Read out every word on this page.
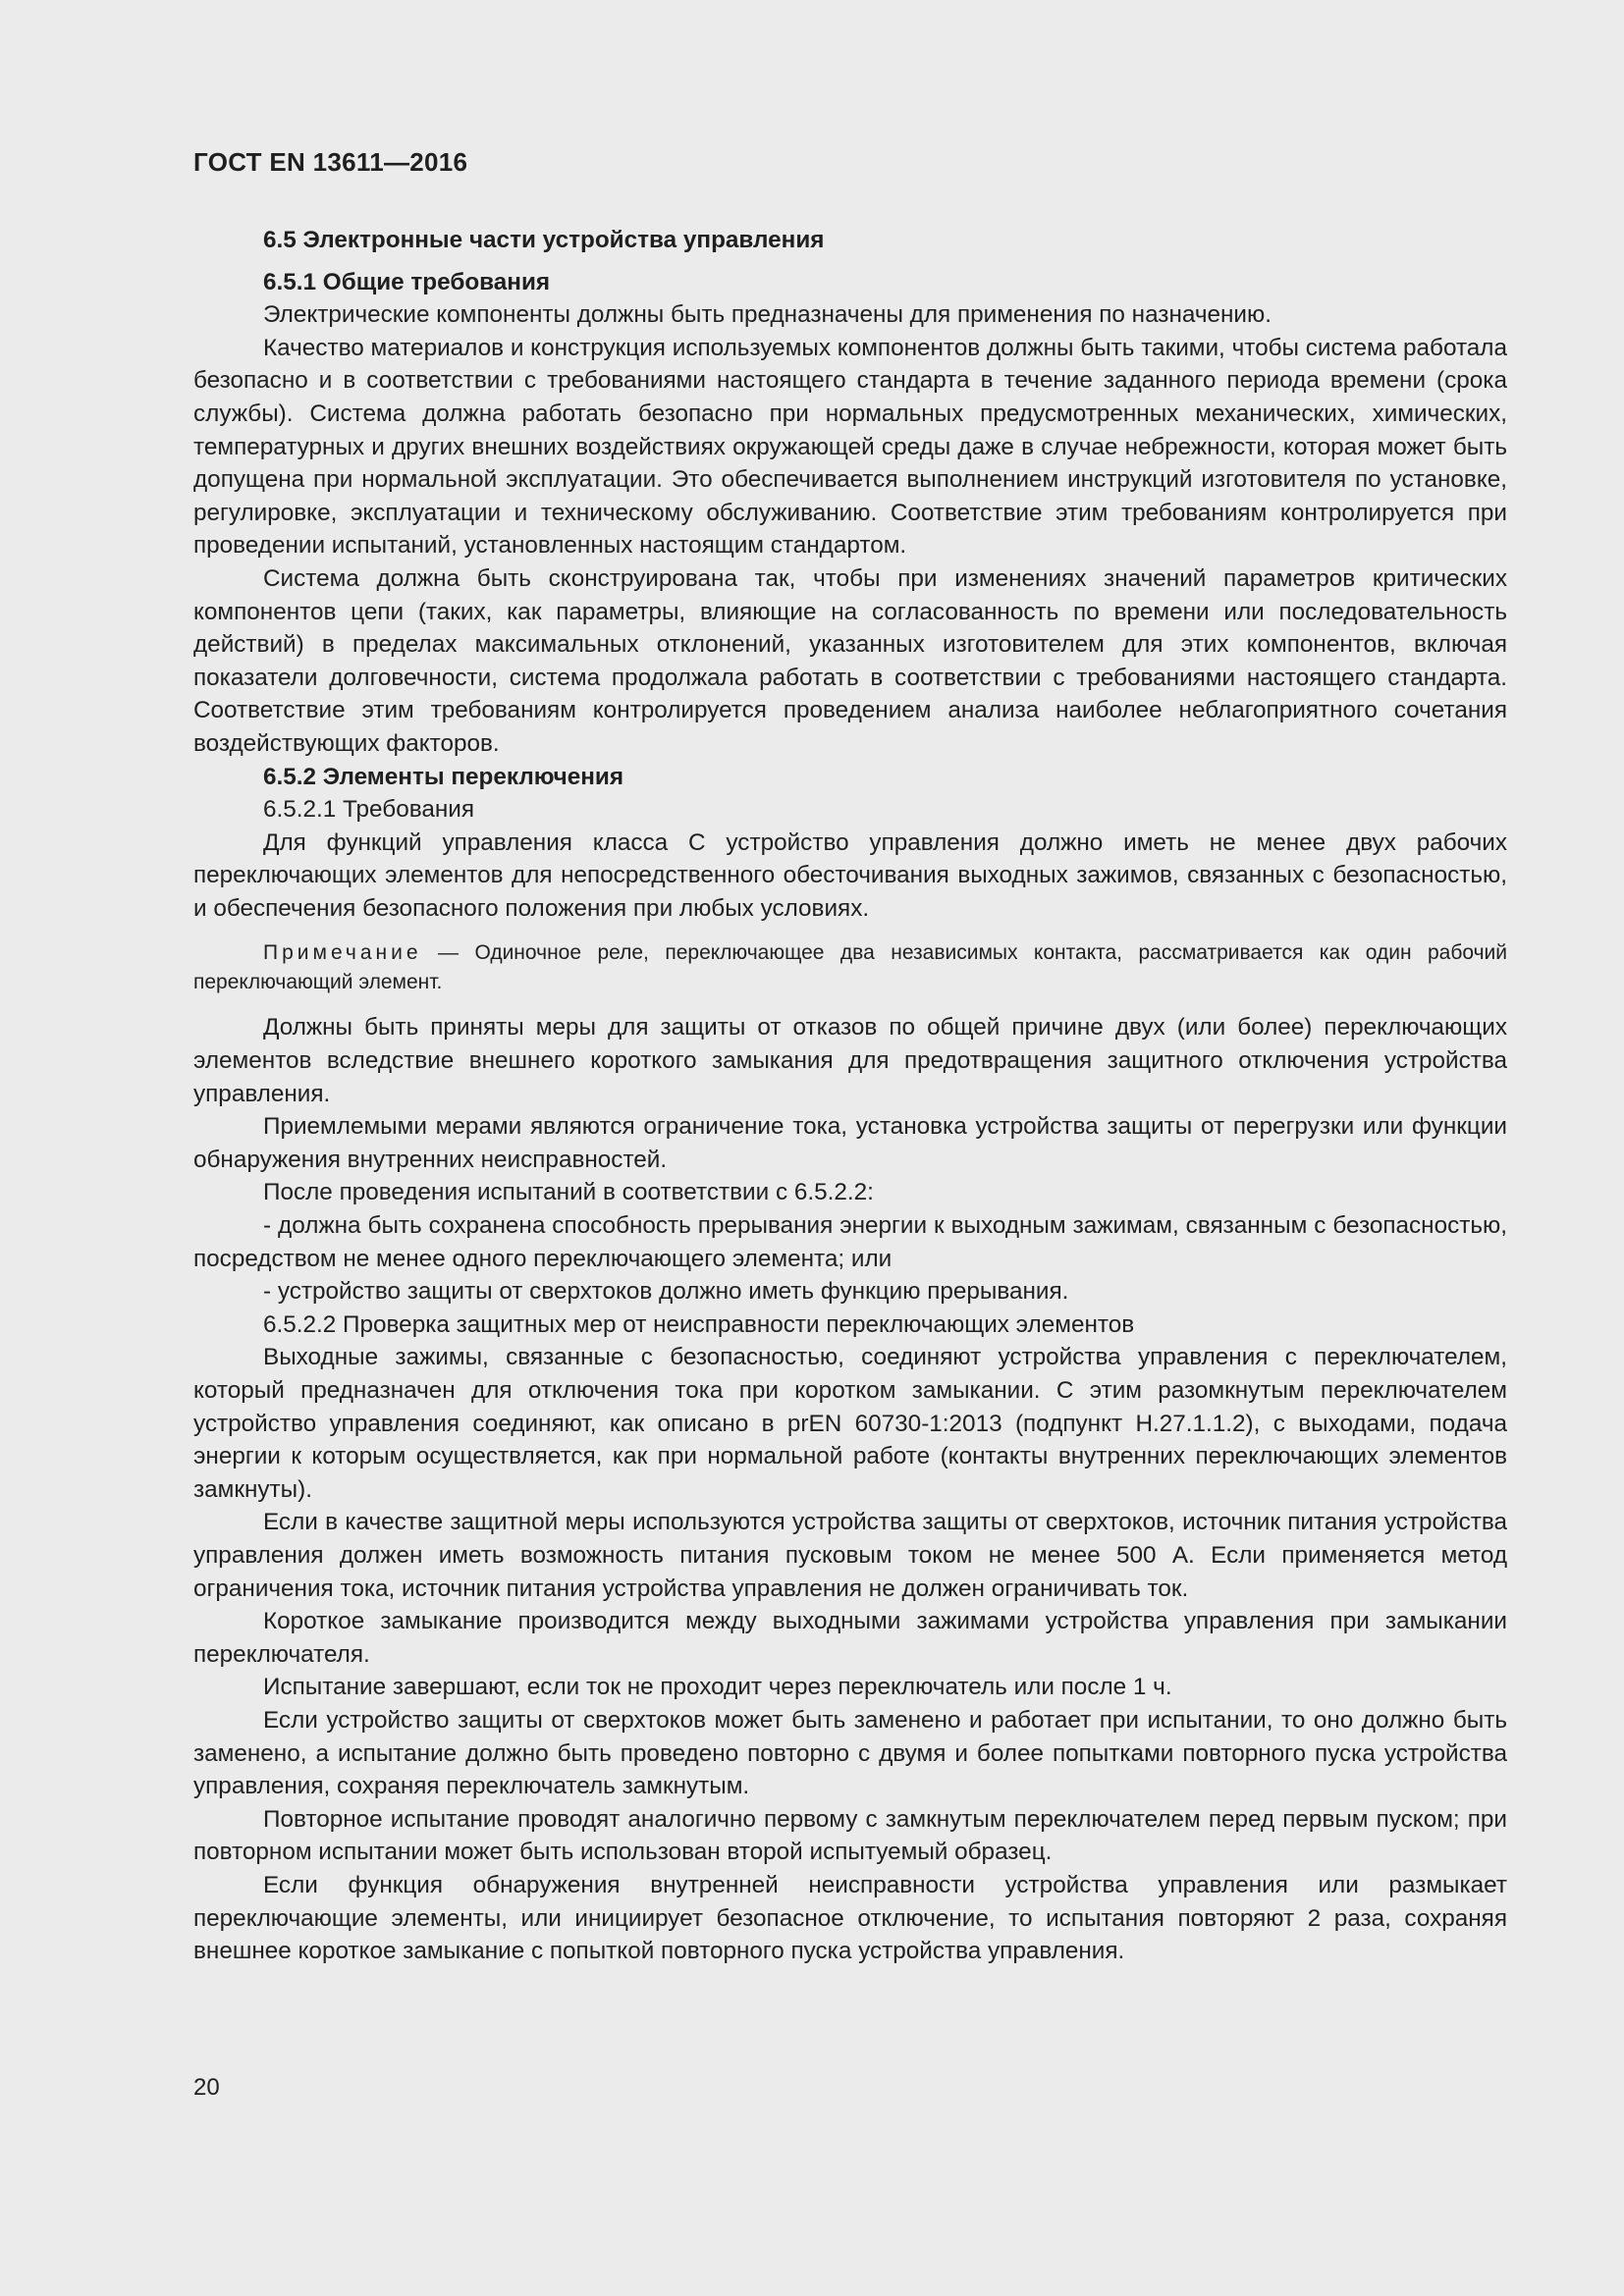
ГОСТ EN 13611—2016

6.5 Электронные части устройства управления

6.5.1 Общие требования

Электрические компоненты должны быть предназначены для применения по назначению.

Качество материалов и конструкция используемых компонентов должны быть такими, чтобы система работала безопасно и в соответствии с требованиями настоящего стандарта в течение заданного периода времени (срока службы). Система должна работать безопасно при нормальных предусмотренных механических, химических, температурных и других внешних воздействиях окружающей среды даже в случае небрежности, которая может быть допущена при нормальной эксплуатации. Это обеспечивается выполнением инструкций изготовителя по установке, регулировке, эксплуатации и техническому обслуживанию. Соответствие этим требованиям контролируется при проведении испытаний, установленных настоящим стандартом.

Система должна быть сконструирована так, чтобы при изменениях значений параметров критических компонентов цепи (таких, как параметры, влияющие на согласованность по времени или последовательность действий) в пределах максимальных отклонений, указанных изготовителем для этих компонентов, включая показатели долговечности, система продолжала работать в соответствии с требованиями настоящего стандарта. Соответствие этим требованиям контролируется проведением анализа наиболее неблагоприятного сочетания воздействующих факторов.

6.5.2 Элементы переключения

6.5.2.1 Требования

Для функций управления класса С устройство управления должно иметь не менее двух рабочих переключающих элементов для непосредственного обесточивания выходных зажимов, связанных с безопасностью, и обеспечения безопасного положения при любых условиях.

Примечание — Одиночное реле, переключающее два независимых контакта, рассматривается как один рабочий переключающий элемент.

Должны быть приняты меры для защиты от отказов по общей причине двух (или более) переключающих элементов вследствие внешнего короткого замыкания для предотвращения защитного отключения устройства управления.

Приемлемыми мерами являются ограничение тока, установка устройства защиты от перегрузки или функции обнаружения внутренних неисправностей.

После проведения испытаний в соответствии с 6.5.2.2:

- должна быть сохранена способность прерывания энергии к выходным зажимам, связанным с безопасностью, посредством не менее одного переключающего элемента; или

- устройство защиты от сверхтоков должно иметь функцию прерывания.

6.5.2.2 Проверка защитных мер от неисправности переключающих элементов

Выходные зажимы, связанные с безопасностью, соединяют устройства управления с переключателем, который предназначен для отключения тока при коротком замыкании. С этим разомкнутым переключателем устройство управления соединяют, как описано в prEN 60730-1:2013 (подпункт Н.27.1.1.2), с выходами, подача энергии к которым осуществляется, как при нормальной работе (контакты внутренних переключающих элементов замкнуты).

Если в качестве защитной меры используются устройства защиты от сверхтоков, источник питания устройства управления должен иметь возможность питания пусковым током не менее 500 А. Если применяется метод ограничения тока, источник питания устройства управления не должен ограничивать ток.

Короткое замыкание производится между выходными зажимами устройства управления при замыкании переключателя.

Испытание завершают, если ток не проходит через переключатель или после 1 ч.

Если устройство защиты от сверхтоков может быть заменено и работает при испытании, то оно должно быть заменено, а испытание должно быть проведено повторно с двумя и более попытками повторного пуска устройства управления, сохраняя переключатель замкнутым.

Повторное испытание проводят аналогично первому с замкнутым переключателем перед первым пуском; при повторном испытании может быть использован второй испытуемый образец.

Если функция обнаружения внутренней неисправности устройства управления или размыкает переключающие элементы, или инициирует безопасное отключение, то испытания повторяют 2 раза, сохраняя внешнее короткое замыкание с попыткой повторного пуска устройства управления.

20
